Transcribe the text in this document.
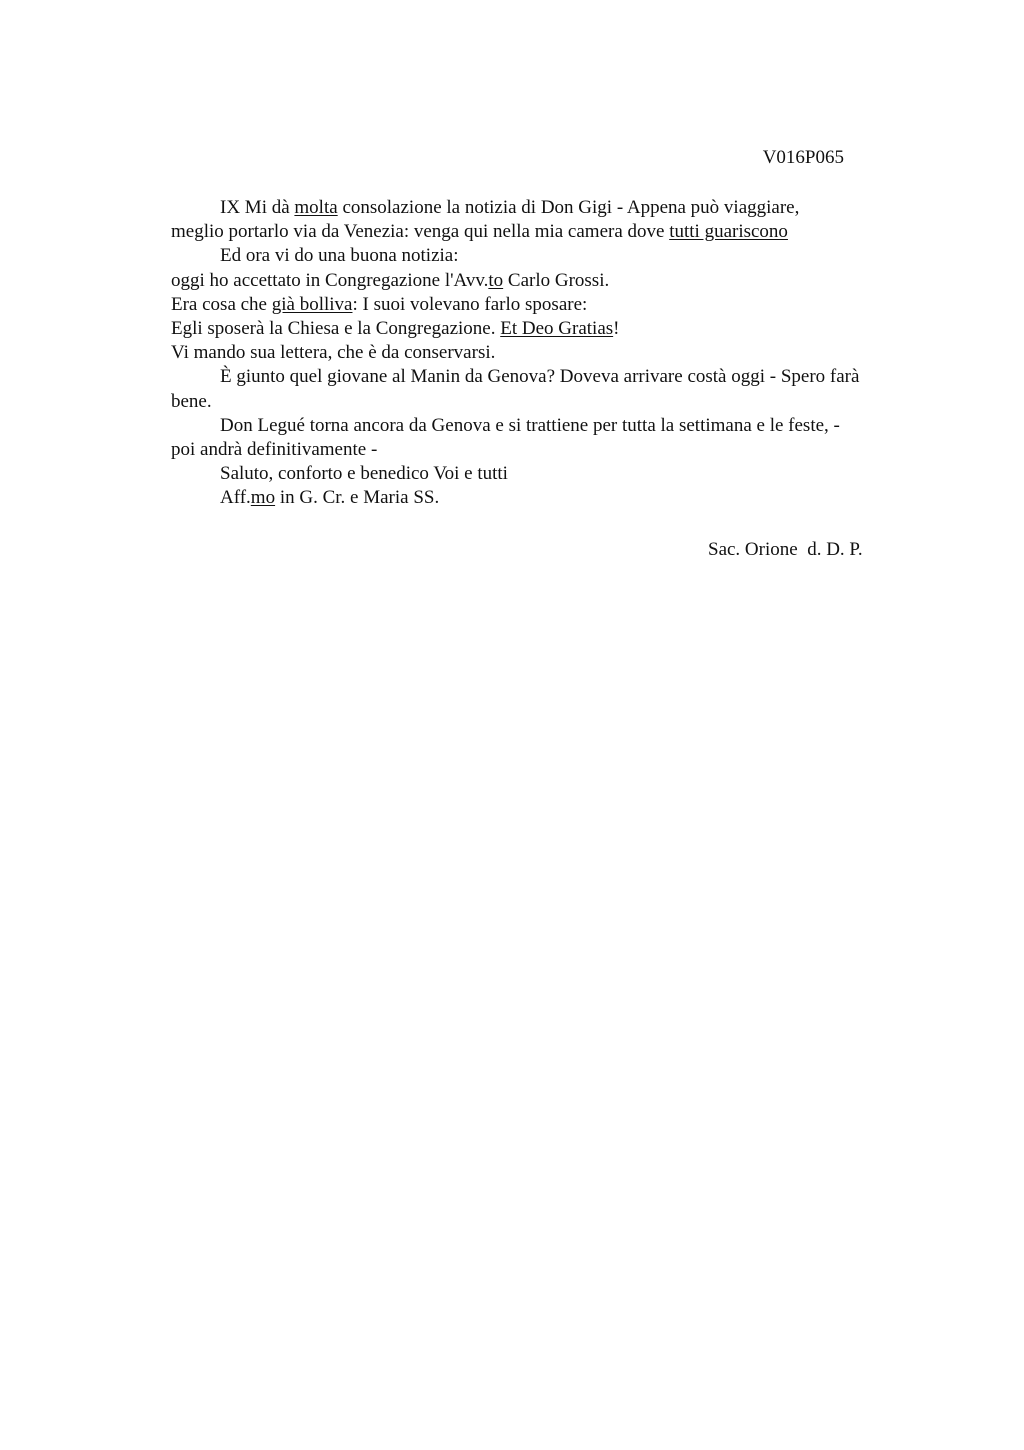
V016P065
IX Mi dà molta consolazione la notizia di Don Gigi - Appena può viaggiare,
meglio portarlo via da Venezia: venga qui nella mia camera dove tutti guariscono
Ed ora vi do una buona notizia:
oggi ho accettato in Congregazione l'Avv.to Carlo Grossi.
Era cosa che già bolliva: I suoi volevano farlo sposare:
Egli sposerà la Chiesa e la Congregazione. Et Deo Gratias!
Vi mando sua lettera, che è da conservarsi.
È giunto quel giovane al Manin da Genova? Doveva arrivare costà oggi - Spero farà
bene.
Don Legué torna ancora da Genova e si trattiene per tutta la settimana e le feste, -
poi andrà definitivamente -
Saluto, conforto e benedico Voi e tutti
Aff.mo in G. Cr. e Maria SS.
Sac. Orione  d. D. P.
